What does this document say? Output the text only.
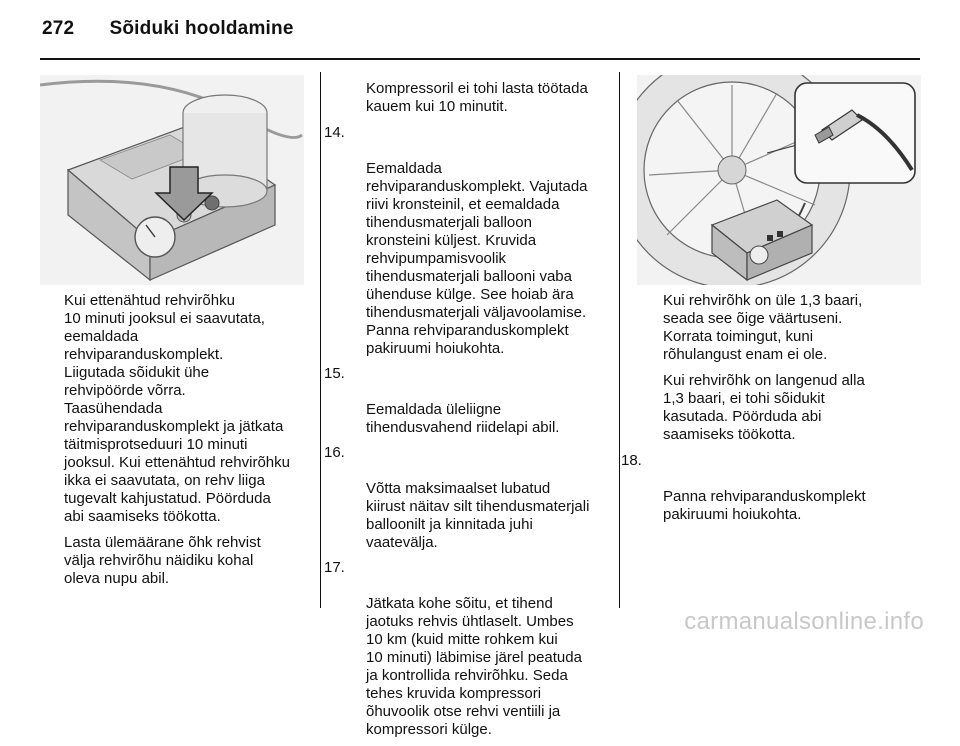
272 Sõiduki hooldamine

Kui ettenähtud rehvirõhku
10 minuti jooksul ei saavutata,
eemaldada
rehviparanduskomplekt.
Liigutada sõidukit ühe
rehvipöörde võrra.
Taasühendada
rehviparanduskomplekt ja jätkata
täitmisprotseduuri 10 minuti
jooksul. Kui ettenähtud rehvirõhku
ikka ei saavutata, on rehv liiga
tugevalt kahjustatud. Pöörduda
abi saamiseks töökotta.

Lasta ülemäärane õhk rehvist
välja rehvirõhu näidiku kohal
oleva nupu abil.

Kompressoril ei tohi lasta töötada
kauem kui 10 minutit.

14.

Eemaldada
rehviparanduskomplekt. Vajutada
riivi kronsteinil, et eemaldada
tihendusmaterjali balloon
kronsteini küljest. Kruvida
rehvipumpamisvoolik
tihendusmaterjali ballooni vaba
ühenduse külge. See hoiab ära
tihendusmaterjali väljavoolamise.
Panna rehviparanduskomplekt
pakiruumi hoiukohta.

15.

Eemaldada üleliigne
tihendusvahend riidelapi abil.

16.

Võtta maksimaalset lubatud
kiirust näitav silt tihendusmaterjali
balloonilt ja kinnitada juhi
vaatevälja.

17.

Jätkata kohe sõitu, et tihend
jaotuks rehvis ühtlaselt. Umbes
10 km (kuid mitte rohkem kui
10 minuti) läbimise järel peatuda
ja kontrollida rehvirõhku. Seda
tehes kruvida kompressori
õhuvoolik otse rehvi ventiili ja
kompressori külge.

Kui rehvirõhk on üle 1,3 baari,
seada see õige väärtuseni.
Korrata toimingut, kuni
rõhulangust enam ei ole.

Kui rehvirõhk on langenud alla
1,3 baari, ei tohi sõidukit
kasutada. Pöörduda abi
saamiseks töökotta.

18.

Panna rehviparanduskomplekt
pakiruumi hoiukohta.

carmanualsonline.info
